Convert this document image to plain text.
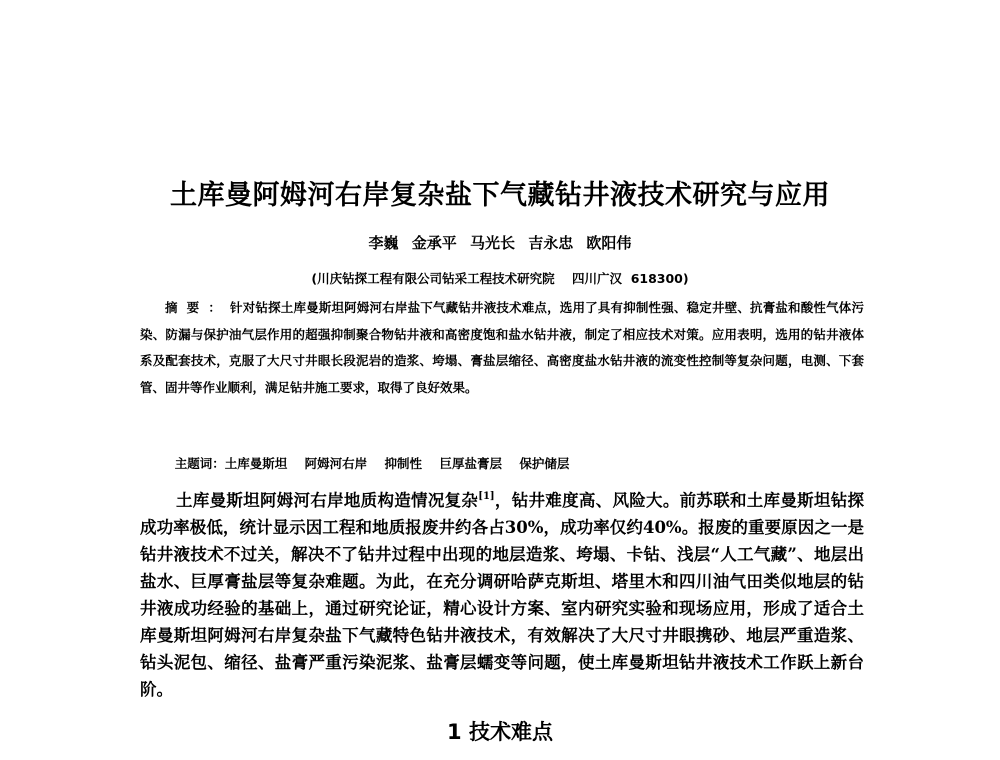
土库曼阿姆河右岸复杂盐下气藏钻井液技术研究与应用
李巍 金承平 马光长 吉永忠 欧阳伟
(川庆钻探工程有限公司钻采工程技术研究院    四川广汉  618300)
摘要：针对钻探土库曼斯坦阿姆河右岸盐下气藏钻井液技术难点，选用了具有抑制性强、稳定井壁、抗膏盐和酸性气体污染、防漏与保护油气层作用的超强抑制聚合物钻井液和高密度饱和盐水钻井液，制定了相应技术对策。应用表明，选用的钻井液体系及配套技术，克服了大尺寸井眼长段泥岩的造浆、垮塌、膏盐层缩径、高密度盐水钻井液的流变性控制等复杂问题，电测、下套管、固井等作业顺利，满足钻井施工要求，取得了良好效果。

主题词：土库曼斯坦    阿姆河右岸    抑制性    巨厚盐膏层    保护储层

土库曼斯坦阿姆河右岸地质构造情况复杂[1]，钻井难度高、风险大。前苏联和土库曼斯坦钻探成功率极低，统计显示因工程和地质报废井约各占30%，成功率仅约40%。报废的重要原因之一是钻井液技术不过关，解决不了钻井过程中出现的地层造浆、垮塌、卡钻、浅层“人工气藏”、地层出盐水、巨厚膏盐层等复杂难题。为此，在充分调研哈萨克斯坦、塔里木和四川油气田类似地层的钻井液成功经验的基础上，通过研究论证，精心设计方案、室内研究实验和现场应用，形成了适合土库曼斯坦阿姆河右岸复杂盐下气藏特色钻井液技术，有效解决了大尺寸井眼携砂、地层严重造浆、钻头泥包、缩径、盐膏严重污染泥浆、盐膏层蠕变等问题，使土库曼斯坦钻井液技术工作跃上新台阶。
1 技术难点
